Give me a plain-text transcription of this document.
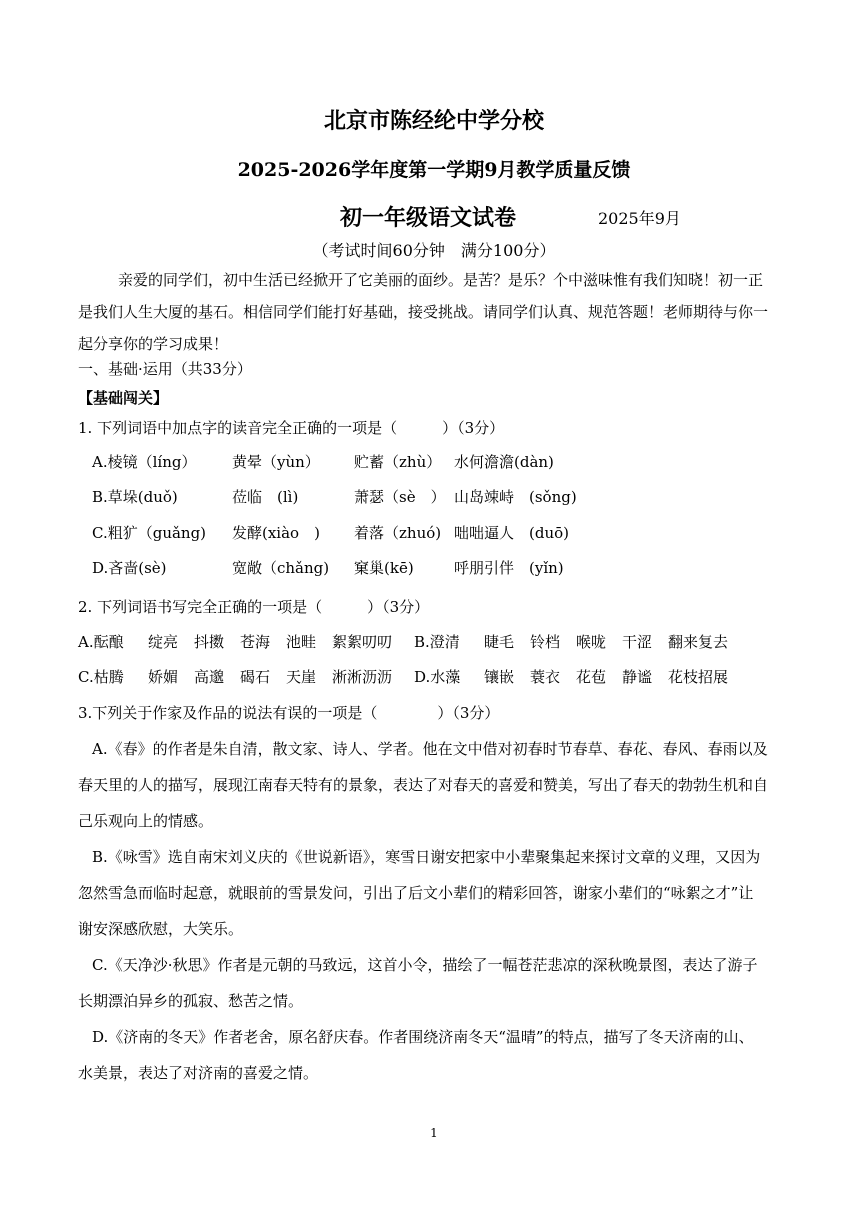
北京市陈经纶中学分校
2025-2026学年度第一学期9月教学质量反馈
初一年级语文试卷	2025年9月
（考试时间60分钟　满分100分）
亲爱的同学们，初中生活已经掀开了它美丽的面纱。是苦？是乐？个中滋味惟有我们知晓！初一正
是我们人生大厦的基石。相信同学们能打好基础，接受挑战。请同学们认真、规范答题！老师期待与你一
起分享你的学习成果！
一、基础·运用（共33分）
【基础闯关】
1. 下列词语中加点字的读音完全正确的一项是（　　　）（3分）
A.棱镜（líng） 黄晕（yùn） 贮蓄（zhù） 水何澹澹(dàn)
B.草垛(duǒ)	莅临　(lì)	萧瑟（sè　） 山岛竦峙　(sǒng)
C.粗犷（guǎng) 发酵(xiào　) 着落（zhuó) 咄咄逼人　(duō)
D.吝啬(sè)	宽敞（chǎng) 窠巢(kē)	呼朋引伴　(yǐn)
2. 下列词语书写完全正确的一项是（　　　）（3分）
A.酝酿 绽亮 抖擞 苍海 池畦 絮絮叨叨 B.澄清 睫毛 铃档 喉咙 干涩 翻来复去
C.枯腾 娇媚 高邈 碣石 天崖 淅淅沥沥 D.水藻 镶嵌 蓑衣 花苞 静谧 花枝招展
3.下列关于作家及作品的说法有误的一项是（　　　　）（3分）
A.《春》的作者是朱自清，散文家、诗人、学者。他在文中借对初春时节春草、春花、春风、春雨以及
春天里的人的描写，展现江南春天特有的景象，表达了对春天的喜爱和赞美，写出了春天的勃勃生机和自
己乐观向上的情感。
B.《咏雪》选自南宋刘义庆的《世说新语》，寒雪日谢安把家中小辈聚集起来探讨文章的义理，又因为
忽然雪急而临时起意，就眼前的雪景发问，引出了后文小辈们的精彩回答，谢家小辈们的“咏絮之才”让
谢安深感欣慰，大笑乐。
C.《天净沙·秋思》作者是元朝的马致远，这首小令，描绘了一幅苍茫悲凉的深秋晚景图，表达了游子
长期漂泊异乡的孤寂、愁苦之情。
D.《济南的冬天》作者老舍，原名舒庆春。作者围绕济南冬天“温晴”的特点，描写了冬天济南的山、
水美景，表达了对济南的喜爱之情。
1
